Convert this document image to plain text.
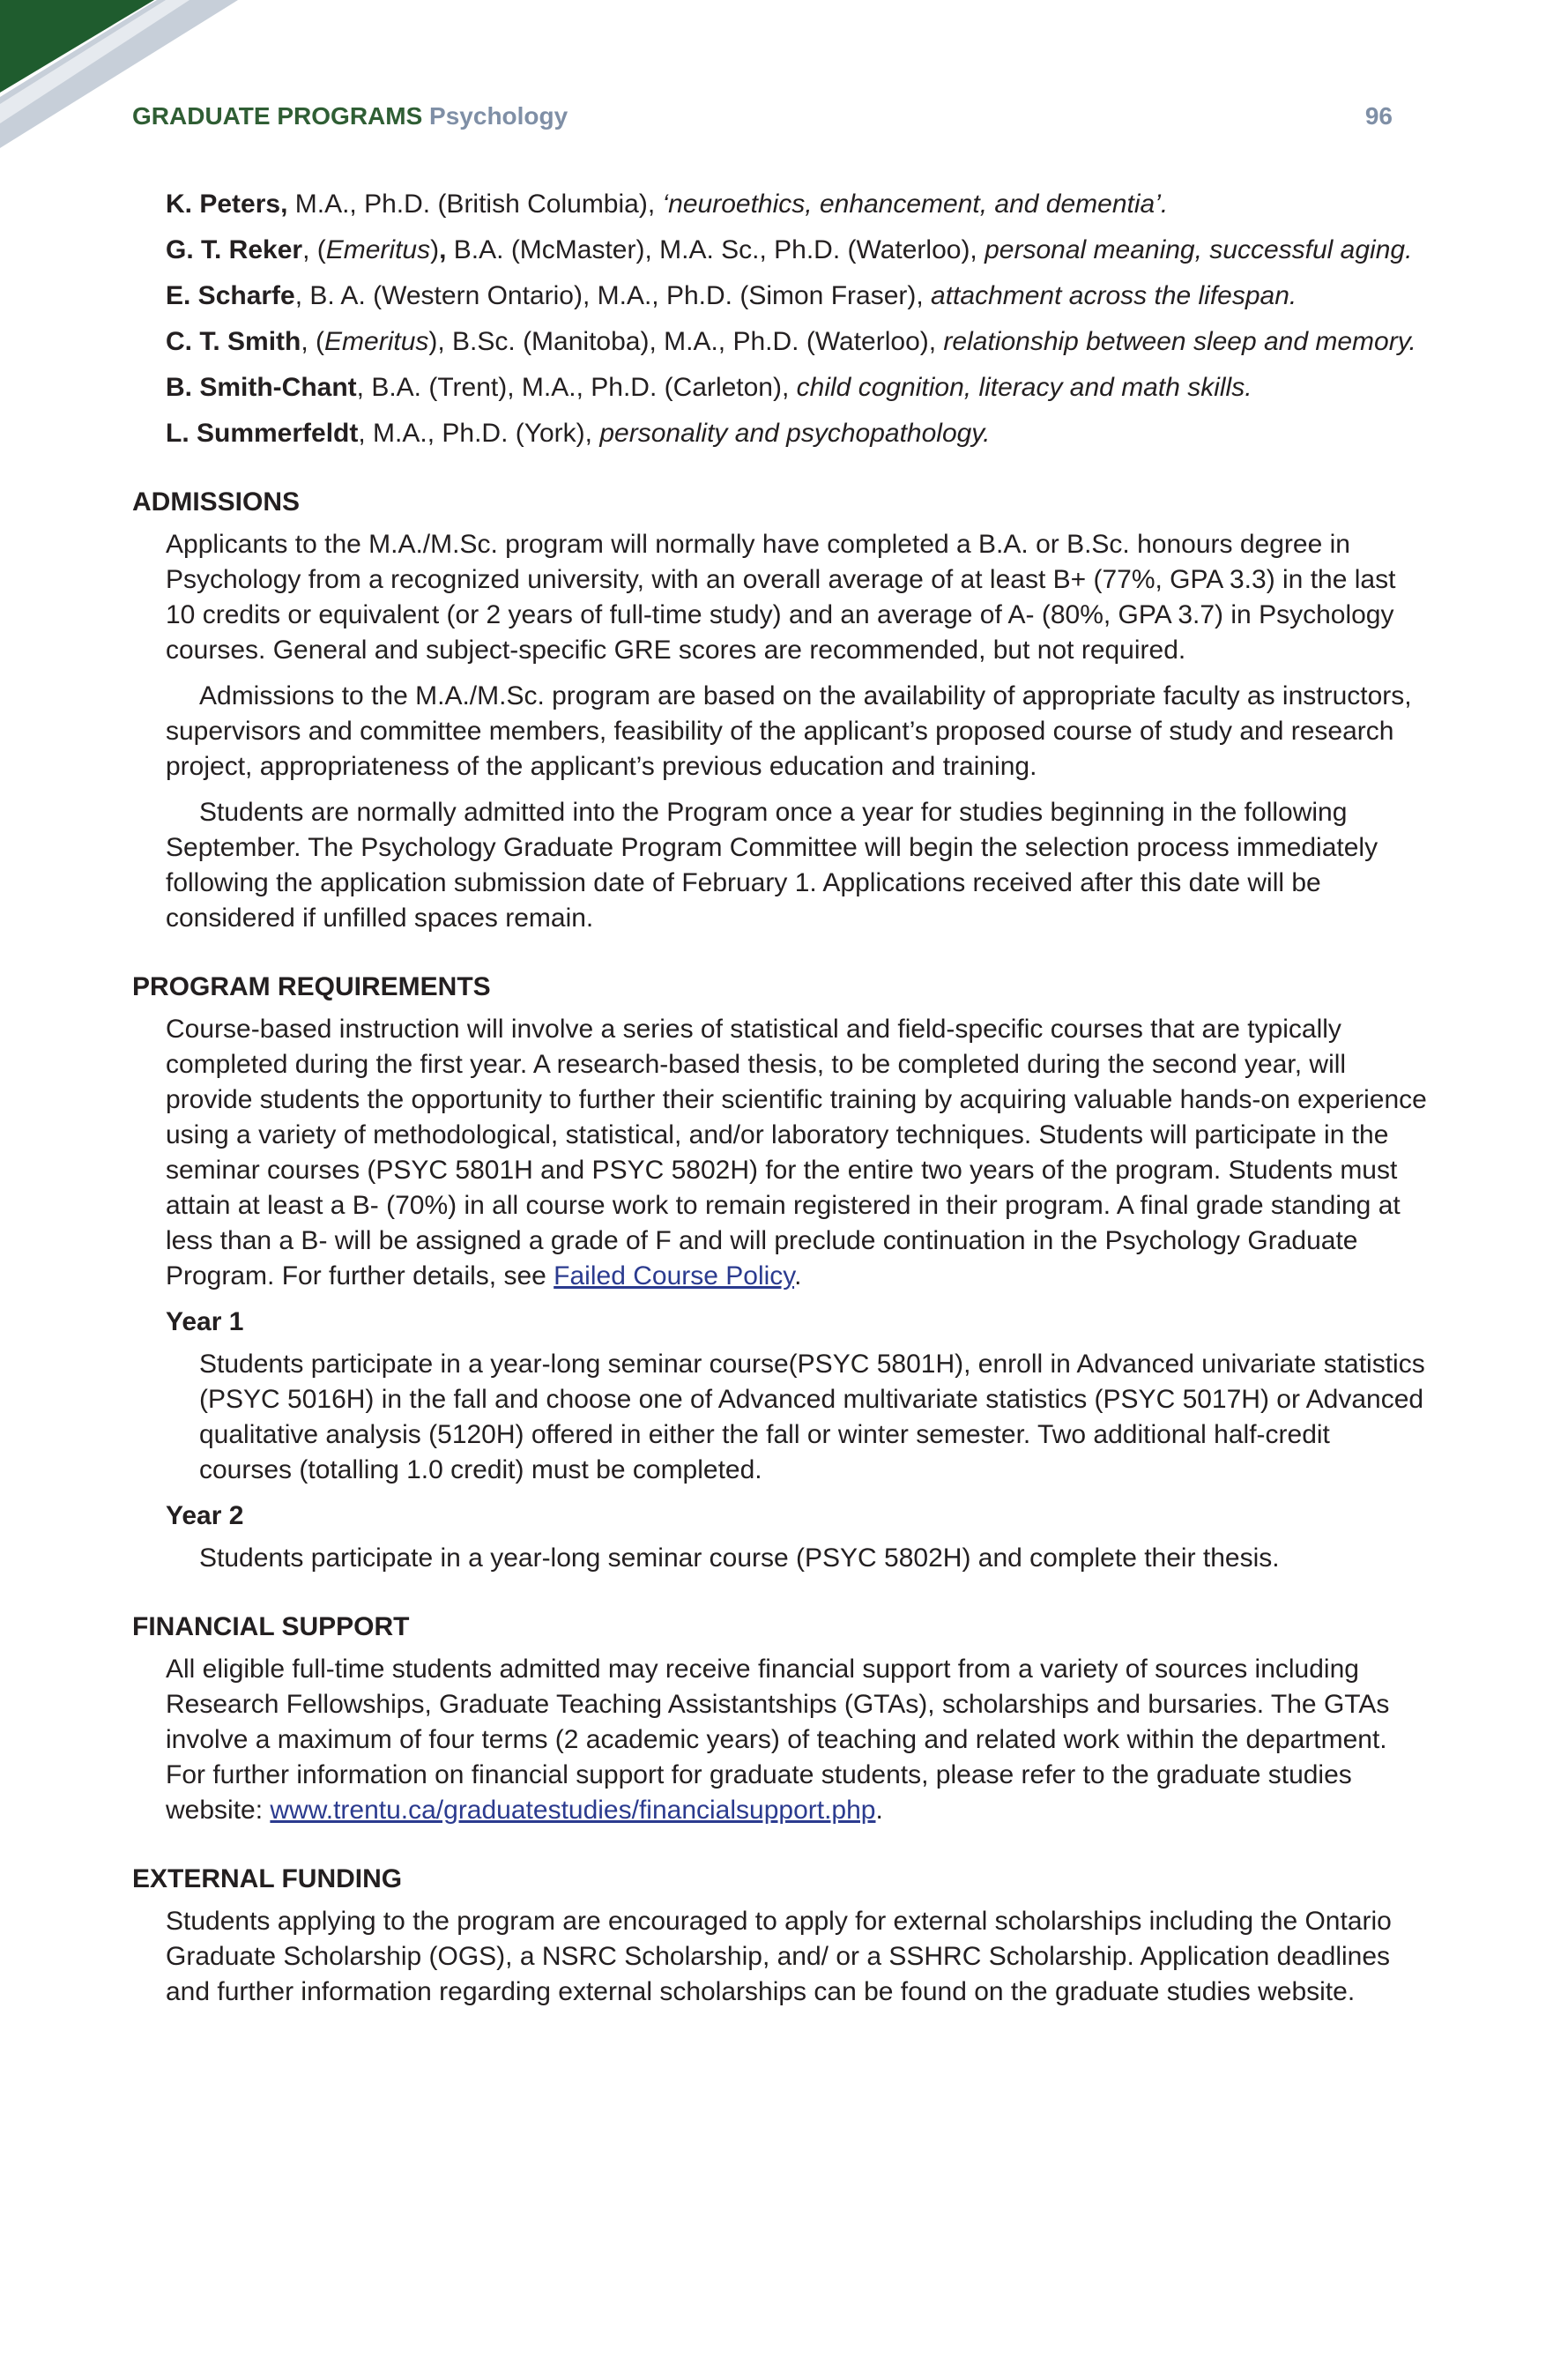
GRADUATE PROGRAMS Psychology	96
K. Peters, M.A., Ph.D. (British Columbia), ‘neuroethics, enhancement, and dementia’.
G. T. Reker, (Emeritus), B.A. (McMaster), M.A. Sc., Ph.D. (Waterloo), personal meaning, successful aging.
E. Scharfe, B. A. (Western Ontario), M.A., Ph.D. (Simon Fraser), attachment across the lifespan.
C. T. Smith, (Emeritus), B.Sc. (Manitoba), M.A., Ph.D. (Waterloo), relationship between sleep and memory.
B. Smith-Chant, B.A. (Trent), M.A., Ph.D. (Carleton), child cognition, literacy and math skills.
L. Summerfeldt, M.A., Ph.D. (York), personality and psychopathology.
ADMISSIONS
Applicants to the M.A./M.Sc. program will normally have completed a B.A. or B.Sc. honours degree in Psychology from a recognized university, with an overall average of at least B+ (77%, GPA 3.3) in the last 10 credits or equivalent (or 2 years of full-time study) and an average of A- (80%, GPA 3.7) in Psychology courses. General and subject-specific GRE scores are recommended, but not required.
Admissions to the M.A./M.Sc. program are based on the availability of appropriate faculty as instructors, supervisors and committee members, feasibility of the applicant’s proposed course of study and research project, appropriateness of the applicant’s previous education and training.
Students are normally admitted into the Program once a year for studies beginning in the following September. The Psychology Graduate Program Committee will begin the selection process immediately following the application submission date of February 1. Applications received after this date will be considered if unfilled spaces remain.
PROGRAM REQUIREMENTS
Course-based instruction will involve a series of statistical and field-specific courses that are typically completed during the first year. A research-based thesis, to be completed during the second year, will provide students the opportunity to further their scientific training by acquiring valuable hands-on experience using a variety of methodological, statistical, and/or laboratory techniques. Students will participate in the seminar courses (PSYC 5801H and PSYC 5802H) for the entire two years of the program. Students must attain at least a B- (70%) in all course work to remain registered in their program. A final grade standing at less than a B- will be assigned a grade of F and will preclude continuation in the Psychology Graduate Program. For further details, see Failed Course Policy.
Year 1
Students participate in a year-long seminar course(PSYC 5801H), enroll in Advanced univariate statistics (PSYC 5016H) in the fall and choose one of Advanced multivariate statistics (PSYC 5017H) or Advanced qualitative analysis (5120H) offered in either the fall or winter semester. Two additional half-credit courses (totalling 1.0 credit) must be completed.
Year 2
Students participate in a year-long seminar course (PSYC 5802H) and complete their thesis.
FINANCIAL SUPPORT
All eligible full-time students admitted may receive financial support from a variety of sources including Research Fellowships, Graduate Teaching Assistantships (GTAs), scholarships and bursaries. The GTAs involve a maximum of four terms (2 academic years) of teaching and related work within the department. For further information on financial support for graduate students, please refer to the graduate studies website: www.trentu.ca/graduatestudies/financialsupport.php.
EXTERNAL FUNDING
Students applying to the program are encouraged to apply for external scholarships including the Ontario Graduate Scholarship (OGS), a NSRC Scholarship, and/ or a SSHRC Scholarship. Application deadlines and further information regarding external scholarships can be found on the graduate studies website.
